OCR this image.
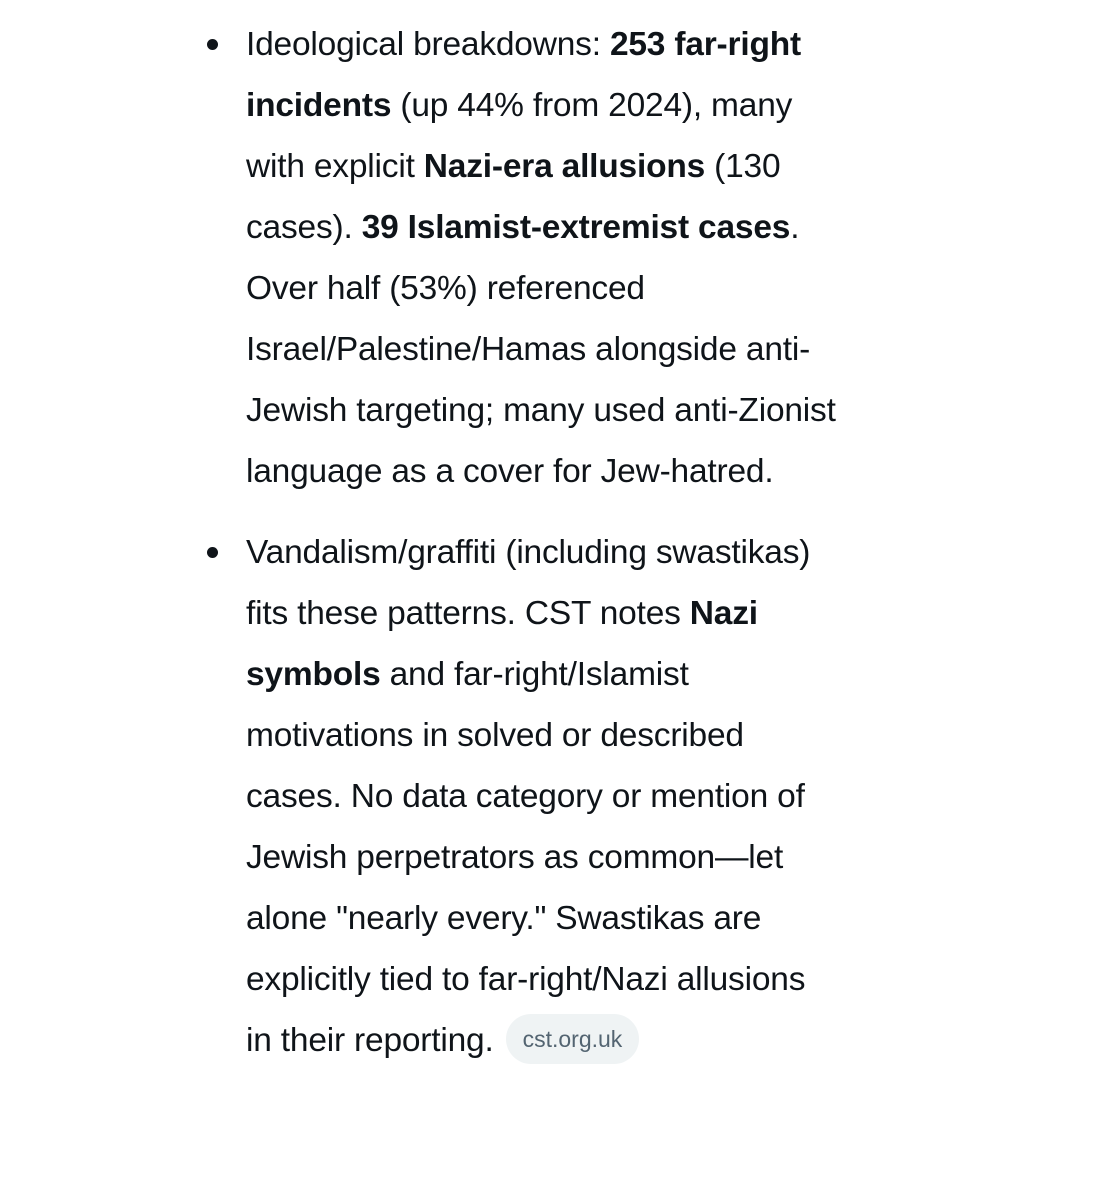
Ideological breakdowns: 253 far-right incidents (up 44% from 2024), many with explicit Nazi-era allusions (130 cases). 39 Islamist-extremist cases. Over half (53%) referenced Israel/Palestine/Hamas alongside anti-Jewish targeting; many used anti-Zionist language as a cover for Jew-hatred.
Vandalism/graffiti (including swastikas) fits these patterns. CST notes Nazi symbols and far-right/Islamist motivations in solved or described cases. No data category or mention of Jewish perpetrators as common—let alone "nearly every." Swastikas are explicitly tied to far-right/Nazi allusions in their reporting. cst.org.uk
